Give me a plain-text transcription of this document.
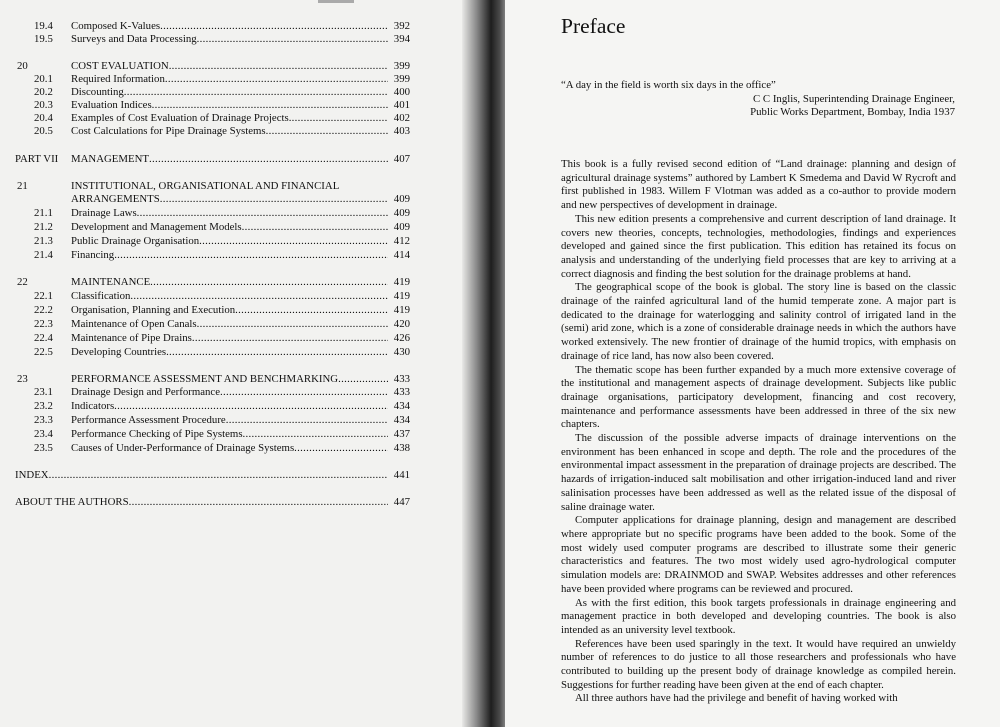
19.4 Composed K-Values .....	392
19.5 Surveys and Data Processing .....	394
20	COST EVALUATION .....	399
20.1 Required Information .....	399
20.2 Discounting .....	400
20.3 Evaluation Indices .....	401
20.4 Examples of Cost Evaluation of Drainage Projects .....	402
20.5 Cost Calculations for Pipe Drainage Systems .....	403
PART VII MANAGEMENT .....	407
21	INSTITUTIONAL, ORGANISATIONAL AND FINANCIAL
ARRANGEMENTS .....	409
21.1 Drainage Laws .....	409
21.2 Development and Management Models .....	409
21.3 Public Drainage Organisation .....	412
21.4 Financing .....	414
22	MAINTENANCE .....	419
22.1 Classification .....	419
22.2 Organisation, Planning and Execution .....	419
22.3 Maintenance of Open Canals .....	420
22.4 Maintenance of Pipe Drains .....	426
22.5 Developing Countries .....	430
23	PERFORMANCE ASSESSMENT AND BENCHMARKING .....	433
23.1 Drainage Design and Performance .....	433
23.2 Indicators .....	434
23.3 Performance Assessment Procedure .....	434
23.4 Performance Checking of Pipe Systems .....	437
23.5 Causes of Under-Performance of Drainage Systems .....	438
INDEX .....	441
ABOUT THE AUTHORS .....	447
Preface
“A day in the field is worth six days in the office”
C C Inglis, Superintending Drainage Engineer,
Public Works Department, Bombay, India 1937

This book is a fully revised second edition of “Land drainage: planning and design of agricultural drainage systems” authored by Lambert K Smedema and David W Rycroft and first published in 1983. Willem F Vlotman was added as a co-author to provide modern and new perspectives of development in drainage.

This new edition presents a comprehensive and current description of land drainage. It covers new theories, concepts, technologies, methodologies, findings and experiences developed and gained since the first publication. This edition has retained its focus on analysis and understanding of the underlying field processes that are key to arriving at a correct diagnosis and finding the best solution for the drainage problems at hand.

The geographical scope of the book is global. The story line is based on the classic drainage of the rainfed agricultural land of the humid temperate zone. A major part is dedicated to the drainage for waterlogging and salinity control of irrigated land in the (semi) arid zone, which is a zone of considerable drainage needs in which the authors have worked extensively. The new frontier of drainage of the humid tropics, with emphasis on drainage of rice land, has now also been covered.

The thematic scope has been further expanded by a much more extensive coverage of the institutional and management aspects of drainage development. Subjects like public drainage organisations, participatory development, financing and cost recovery, maintenance and performance assessments have been addressed in three of the six new chapters.

The discussion of the possible adverse impacts of drainage interventions on the environment has been enhanced in scope and depth. The role and the procedures of the environmental impact assessment in the preparation of drainage projects are described. The hazards of irrigation-induced salt mobilisation and other irrigation-induced land and river salinisation processes have been addressed as well as the related issue of the disposal of saline drainage water.

Computer applications for drainage planning, design and management are described where appropriate but no specific programs have been added to the book. Some of the most widely used computer programs are described to illustrate some their generic characteristics and features. The two most widely used agro-hydrological computer simulation models are: DRAINMOD and SWAP. Websites addresses and other references have been provided where programs can be reviewed and procured.

As with the first edition, this book targets professionals in drainage engineering and management practice in both developed and developing countries. The book is also intended as an university level textbook.

References have been used sparingly in the text. It would have required an unwieldy number of references to do justice to all those researchers and professionals who have contributed to building up the present body of drainage knowledge as compiled herein. Suggestions for further reading have been given at the end of each chapter.

All three authors have had the privilege and benefit of having worked with
